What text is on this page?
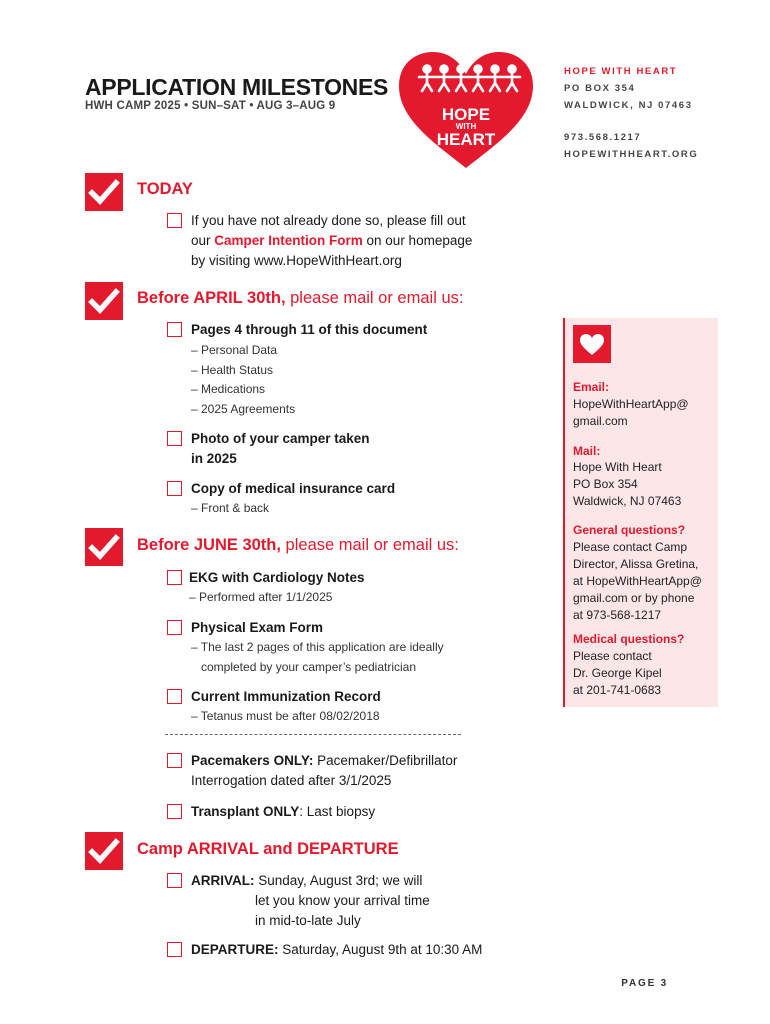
APPLICATION MILESTONES
HWH CAMP 2025 • SUN–SAT • AUG 3–AUG 9	HOPE
WITH
HEART
HOPE WITH HEART
PO BOX 354
WALDWICK, NJ 07463
973.568.1217
HOPEWITHHEART.ORG
TODAY
If you have not already done so, please fill out
our Camper Intention Form on our homepage
by visiting www.HopeWithHeart.org
Before APRIL 30th, please mail or email us:
Pages 4 through 11 of this document
– Personal Data
– Health Status
– Medications
– 2025 Agreements
Photo of your camper taken
in 2025
Copy of medical insurance card
– Front & back
Before JUNE 30th, please mail or email us:
EKG with Cardiology Notes
– Performed after 1/1/2025
Physical Exam Form
– The last 2 pages of this application are ideally
completed by your camper’s pediatrician
Current Immunization Record
– Tetanus must be after 08/02/2018
Pacemakers ONLY: Pacemaker/Defibrillator
Interrogation dated after 3/1/2025
Transplant ONLY: Last biopsy
Camp ARRIVAL and DEPARTURE
ARRIVAL: Sunday, August 3rd; we will
let you know your arrival time
in mid-to-late July
DEPARTURE: Saturday, August 9th at 10:30 AM
Email:
HopeWithHeartApp@
gmail.com
Mail:
Hope With Heart
PO Box 354
Waldwick, NJ 07463
General questions?
Please contact Camp
Director, Alissa Gretina,
at HopeWithHeartApp@
gmail.com or by phone
at 973-568-1217
Medical questions?
Please contact
Dr. George Kipel
at 201-741-0683
PAGE 3
